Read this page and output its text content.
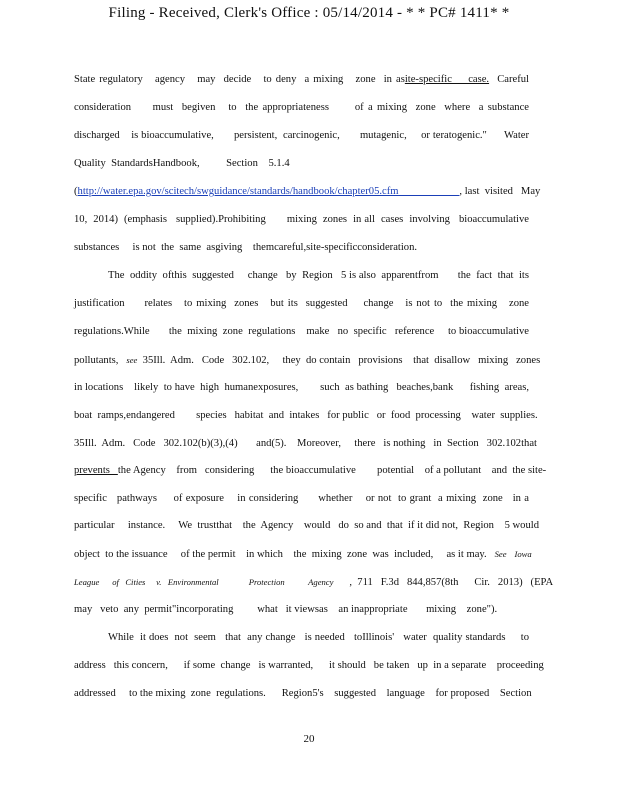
Filing - Received, Clerk's Office : 05/14/2014 - * * PC# 1411* *
State regulatory   agency   may  decide   to deny  a mixing   zone  in asite-specific    case.  Careful
consideration     must  begiven   to  the appropriateness      of a mixing  zone  where  a substance
discharged    is bioaccumulative,       persistent,  carcinogenic,       mutagenic,     or teratogenic."      Water
Quality  StandardsHandbook,          Section    5.1.4
(http://water.epa.gov/scitech/swguidance/standards/handbook/chapter05.cfm	, last  visited   May
10,  2014)  (emphasis   supplied).Prohibiting       mixing  zones  in all  cases  involving   bioaccumulative
substances     is not  the  same  asgiving    themcareful,site-specificconsideration.
The  oddity  ofthis  suggested     change   by  Region   5 is also  apparentfrom       the  fact  that  its
justification     relates   to mixing  zones   but its  suggested    change   is not to  the mixing   zone
regulations.While       the  mixing  zone  regulations    make   no  specific   reference     to bioaccumulative
pollutants,   see  35Ill.  Adm.   Code   302.102,     they  do contain   provisions    that  disallow   mixing   zones
in locations    likely  to have  high  humanexposures,        such  as bathing   beaches,bank      fishing  areas,
boat  ramps,endangered        species   habitat  and  intakes   for public   or  food  processing    water  supplies.
35Ill.  Adm.   Code   302.102(b)(3),(4)       and(5).    Moreover,     there   is nothing   in  Section   302.102that
prevents   the Agency    from   considering      the bioaccumulative        potential    of a pollutant    and  the site-
specific   pathways     of exposure    in considering      whether    or not  to grant  a mixing  zone   in a
particular     instance.     We  trustthat    the  Agency    would   do  so and  that  if it did not,  Region    5 would
object  to the issuance     of the permit    in which    the  mixing  zone  was  included,     as it may.   See Iowa
League      of   Cities     v.   Environmental              Protection           Agency      ,  711   F.3d   844,857(8th      Cir.   2013)   (EPA
may   veto  any  permit"incorporating         what   it viewsas    an inappropriate       mixing    zone").
While  it does  not  seem   that  any change   is needed   toIllinois'   water  quality standards     to
address   this concern,      if some  change   is warranted,      it should   be taken   up  in a separate    proceeding
addressed     to the mixing  zone  regulations.      Region5's    suggested    language    for proposed    Section
20
